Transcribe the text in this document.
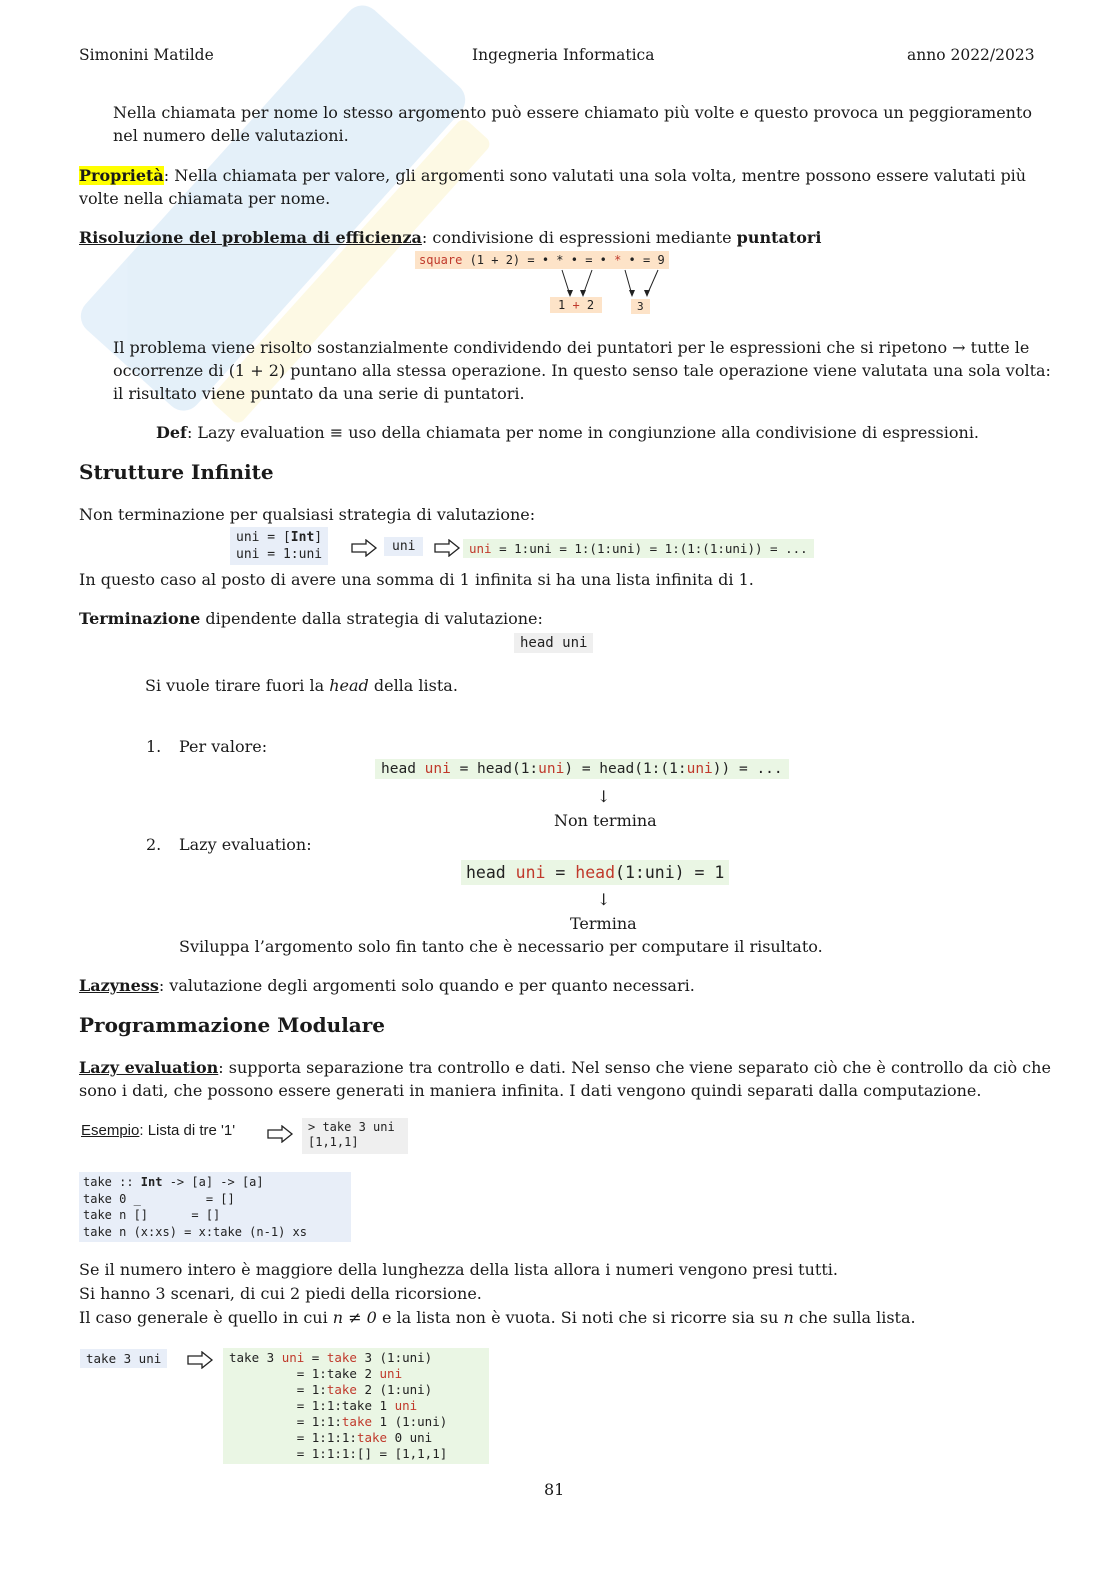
Simonini Matilde	Ingegneria Informatica	anno 2022/2023
Nella chiamata per nome lo stesso argomento può essere chiamato più volte e questo provoca un peggioramento
nel numero delle valutazioni.
Proprietà: Nella chiamata per valore, gli argomenti sono valutati una sola volta, mentre possono essere valutati più
volte nella chiamata per nome.
Risoluzione del problema di efficienza: condivisione di espressioni mediante puntatori
square (1 + 2) = • * • = • * • = 9
1 + 2	3
Il problema viene risolto sostanzialmente condividendo dei puntatori per le espressioni che si ripetono → tutte le
occorrenze di (1 + 2) puntano alla stessa operazione. In questo senso tale operazione viene valutata una sola volta:
il risultato viene puntato da una serie di puntatori.
Def: Lazy evaluation ≡ uso della chiamata per nome in congiunzione alla condivisione di espressioni.
Strutture Infinite
Non terminazione per qualsiasi strategia di valutazione:
uni = [Int]
uni = 1:uni
uni	uni = 1:uni = 1:(1:uni) = 1:(1:(1:uni)) = ...
In questo caso al posto di avere una somma di 1 infinita si ha una lista infinita di 1.
Terminazione dipendente dalla strategia di valutazione:
head uni
Si vuole tirare fuori la head della lista.
1. Per valore:
head uni = head(1:uni) = head(1:(1:uni)) = ...
↓
Non termina
2. Lazy evaluation:
head uni = head(1:uni) = 1
↓
Termina
Sviluppa l’argomento solo fin tanto che è necessario per computare il risultato.
Lazyness: valutazione degli argomenti solo quando e per quanto necessari.
Programmazione Modulare
Lazy evaluation: supporta separazione tra controllo e dati. Nel senso che viene separato ciò che è controllo da ciò che
sono i dati, che possono essere generati in maniera infinita. I dati vengono quindi separati dalla computazione.
Esempio: Lista di tre '1'	> take 3 uni
[1,1,1]
take :: Int -> [a] -> [a]
take 0 _         = []
take n []      = []
take n (x:xs) = x:take (n-1) xs
Se il numero intero è maggiore della lunghezza della lista allora i numeri vengono presi tutti.
Si hanno 3 scenari, di cui 2 piedi della ricorsione.
Il caso generale è quello in cui n ≠ 0 e la lista non è vuota. Si noti che si ricorre sia su n che sulla lista.
take 3 uni	take 3 uni = take 3 (1:uni)
= 1:take 2 uni
= 1:take 2 (1:uni)
= 1:1:take 1 uni
= 1:1:take 1 (1:uni)
= 1:1:1:take 0 uni
= 1:1:1:[] = [1,1,1]
81
